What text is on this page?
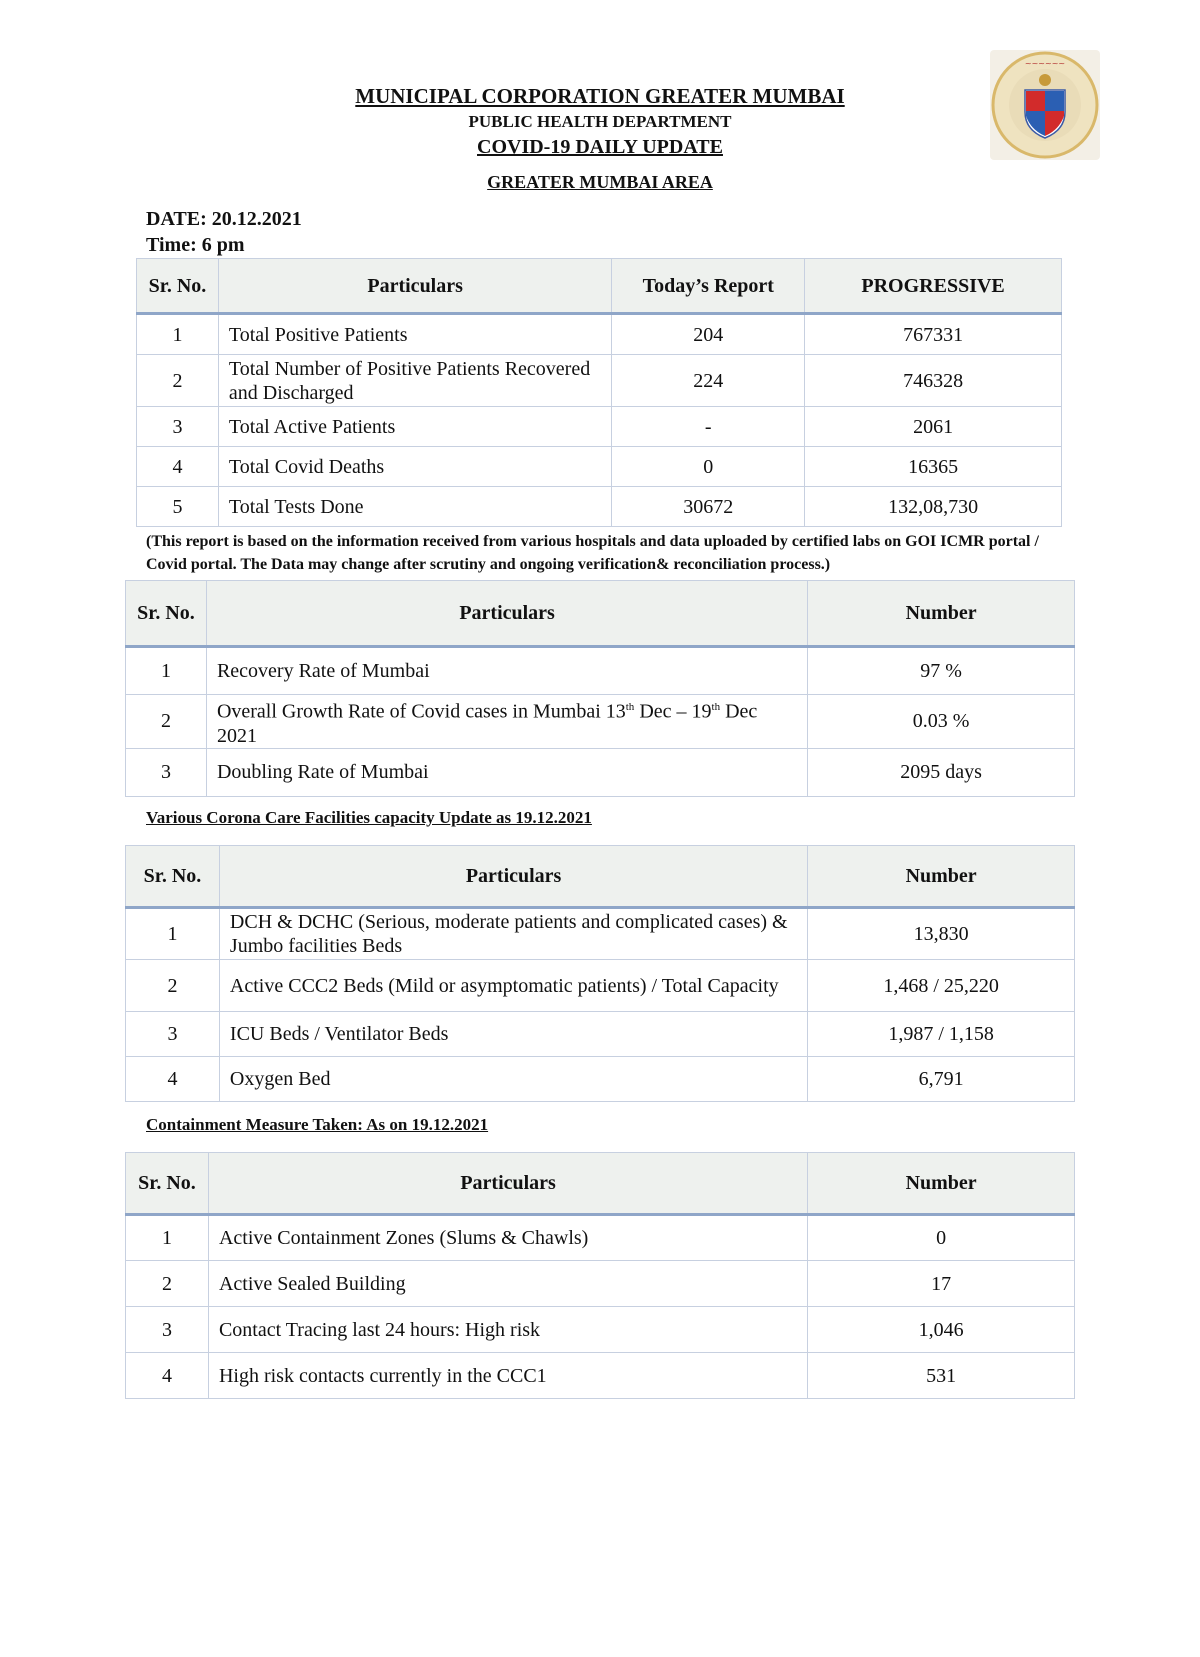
MUNICIPAL CORPORATION GREATER MUMBAI
PUBLIC HEALTH DEPARTMENT
COVID-19 DAILY UPDATE
GREATER MUMBAI AREA
~~~~~~
DATE: 20.12.2021
Time: 6 pm
Sr. No.	Particulars	Today’s Report	PROGRESSIVE
1	Total Positive Patients	204	767331
2	Total Number of Positive Patients Recovered and Discharged	224	746328
3	Total Active Patients	-	2061
4	Total Covid Deaths	0	16365
5	Total Tests Done	30672	132,08,730
(This report is based on the information received from various hospitals and data uploaded by certified labs on GOI ICMR portal / Covid portal. The Data may change after scrutiny and ongoing verification& reconciliation process.)
Sr. No.	Particulars	Number
1	Recovery Rate of Mumbai	97 %
2	Overall Growth Rate of Covid cases in Mumbai 13th Dec – 19th Dec 2021	0.03 %
3	Doubling Rate of Mumbai	2095 days
Various Corona Care Facilities capacity Update as 19.12.2021
Sr. No.	Particulars	Number
1	DCH & DCHC (Serious, moderate patients and complicated cases) & Jumbo facilities Beds	13,830
2	Active CCC2 Beds (Mild or asymptomatic patients) / Total Capacity	1,468 / 25,220
3	ICU Beds / Ventilator Beds	1,987 / 1,158
4	Oxygen Bed	6,791
Containment Measure Taken: As on 19.12.2021
Sr. No.	Particulars	Number
1	Active Containment Zones (Slums & Chawls)	0
2	Active Sealed Building	17
3	Contact Tracing last 24 hours: High risk	1,046
4	High risk contacts currently in the CCC1	531
